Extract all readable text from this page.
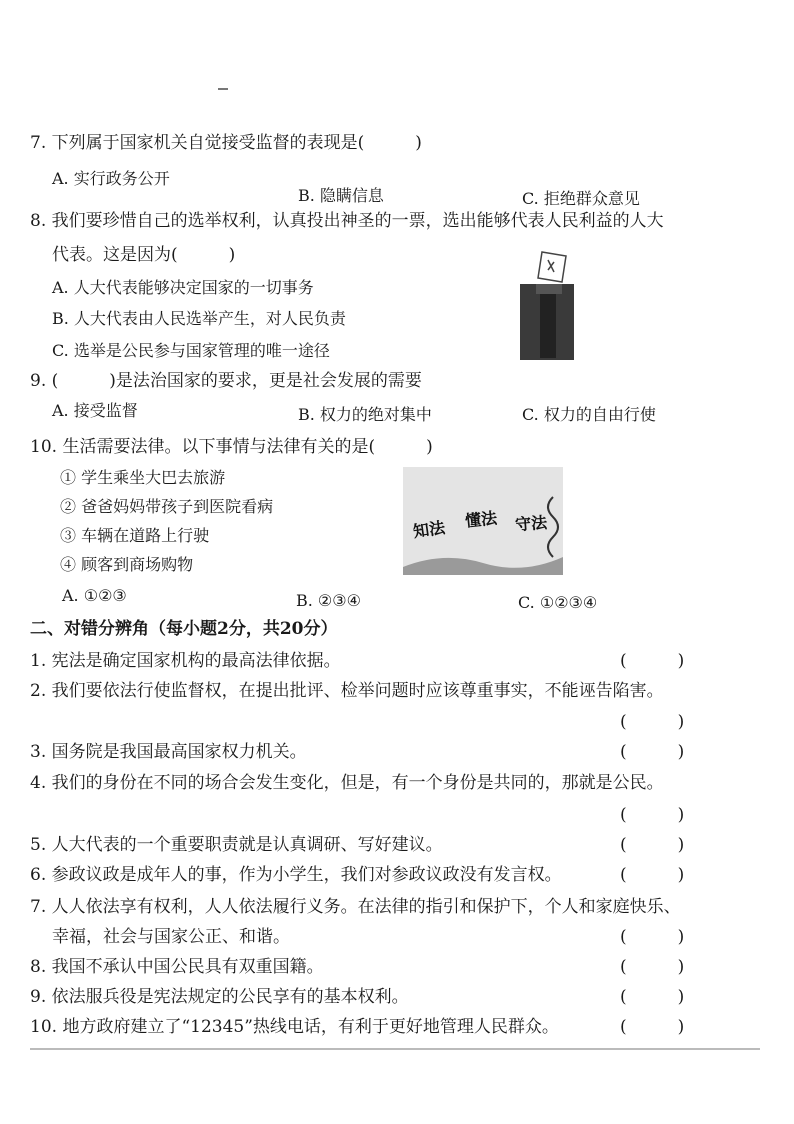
7. 下列属于国家机关自觉接受监督的表现是(　　　)
A. 实行政务公开
B. 隐瞒信息	C. 拒绝群众意见
8. 我们要珍惜自己的选举权利，认真投出神圣的一票，选出能够代表人民利益的人大
代表。这是因为(　　　)
A. 人大代表能够决定国家的一切事务
B. 人大代表由人民选举产生，对人民负责
C. 选举是公民参与国家管理的唯一途径
9. (　　　)是法治国家的要求，更是社会发展的需要
A. 接受监督	B. 权力的绝对集中	C. 权力的自由行使
10. 生活需要法律。以下事情与法律有关的是(　　　)
① 学生乘坐大巴去旅游
② 爸爸妈妈带孩子到医院看病
③ 车辆在道路上行驶
④ 顾客到商场购物
知法 懂法 守法
A. ①②③	B. ②③④	C. ①②③④
二、对错分辨角（每小题2分，共20分）
1. 宪法是确定国家机构的最高法律依据。	(　　　)
2. 我们要依法行使监督权，在提出批评、检举问题时应该尊重事实，不能诬告陷害。
(　　　)
3. 国务院是我国最高国家权力机关。	(　　　)
4. 我们的身份在不同的场合会发生变化，但是，有一个身份是共同的，那就是公民。
(　　　)
5. 人大代表的一个重要职责就是认真调研、写好建议。	(　　　)
6. 参政议政是成年人的事，作为小学生，我们对参政议政没有发言权。	(　　　)
7. 人人依法享有权利，人人依法履行义务。在法律的指引和保护下，个人和家庭快乐、
幸福，社会与国家公正、和谐。	(　　　)
8. 我国不承认中国公民具有双重国籍。	(　　　)
9. 依法服兵役是宪法规定的公民享有的基本权利。	(　　　)
10. 地方政府建立了“12345”热线电话，有利于更好地管理人民群众。	(　　　)
